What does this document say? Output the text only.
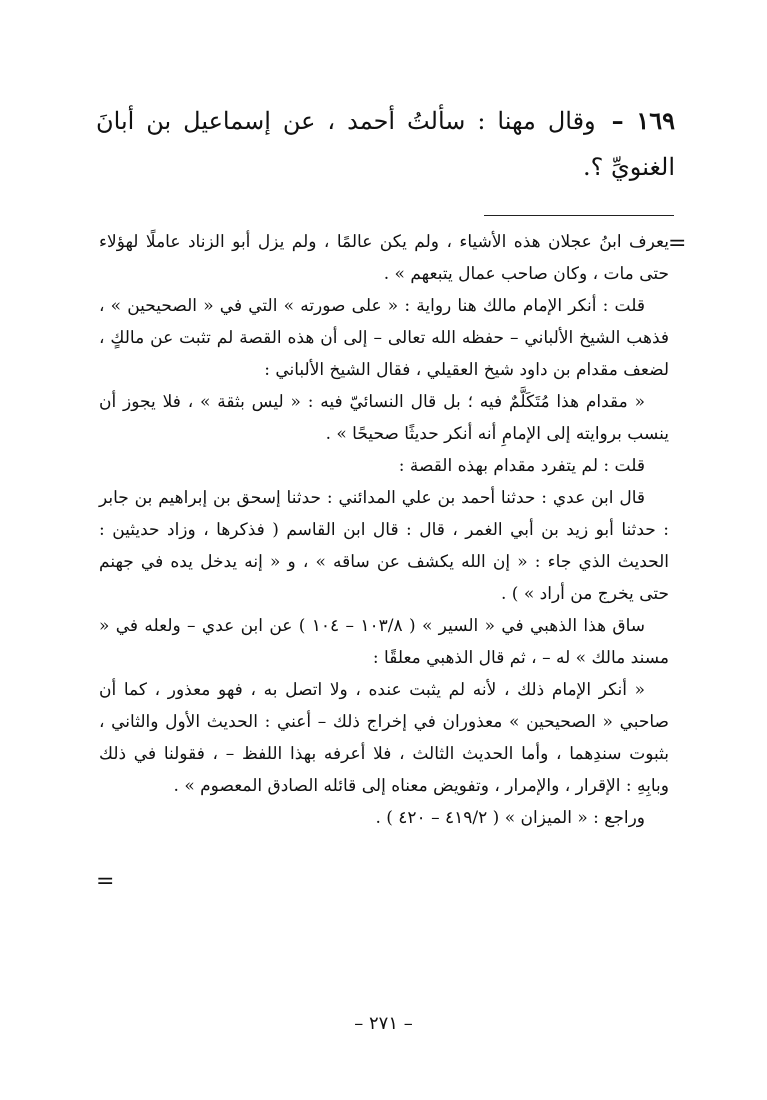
١٦٩ – وقال مهنا : سألتُ أحمد ، عن إسماعيل بن أبانَ الغنويِّ ؟.
=

يعرف ابنُ عجلان هذه الأشياء ، ولم يكن عالمًا ، ولم يزل أبو الزناد عاملًا لهؤلاء حتى مات ، وكان صاحب عمال يتبعهم » .

قلت : أنكر الإمام مالك هنا رواية : « على صورته » التي في « الصحيحين » ، فذهب الشيخ الألباني – حفظه الله تعالى – إلى أن هذه القصة لم تثبت عن مالكٍ ، لضعف مقدام بن داود شيخ العقيلي ، فقال الشيخ الألباني :

« مقدام هذا مُتَكَلَّمٌ فيه ؛ بل قال النسائيّ فيه : « ليس بثقة » ، فلا يجوز أن ينسب بروايته إلى الإمامِ أنه أنكر حديثًا صحيحًا » .

قلت : لم يتفرد مقدام بهذه القصة :

قال ابن عدي : حدثنا أحمد بن علي المدائني : حدثنا إسحق بن إبراهيم بن جابر : حدثنا أبو زيد بن أبي الغمر ، قال : قال ابن القاسم ( فذكرها ، وزاد حديثين : الحديث الذي جاء : « إن الله يكشف عن ساقه » ، و « إنه يدخل يده في جهنم حتى يخرج من أراد » ) .

ساق هذا الذهبي في « السير » ( ١٠٣/٨ – ١٠٤ ) عن ابن عدي – ولعله في « مسند مالك » له – ، ثم قال الذهبي معلقًا :

« أنكر الإمام ذلك ، لأنه لم يثبت عنده ، ولا اتصل به ، فهو معذور ، كما أن صاحبي « الصحيحين » معذوران في إخراج ذلك – أعني : الحديث الأول والثاني ، بثبوت سندِهما ، وأما الحديث الثالث ، فلا أعرفه بهذا اللفظ – ، فقولنا في ذلك وبابِهِ : الإقرار ، والإمرار ، وتفويض معناه إلى قائله الصادق المعصوم » .

وراجع : « الميزان » ( ٤١٩/٢ – ٤٢٠ ) .

=
– ٢٧١ –
